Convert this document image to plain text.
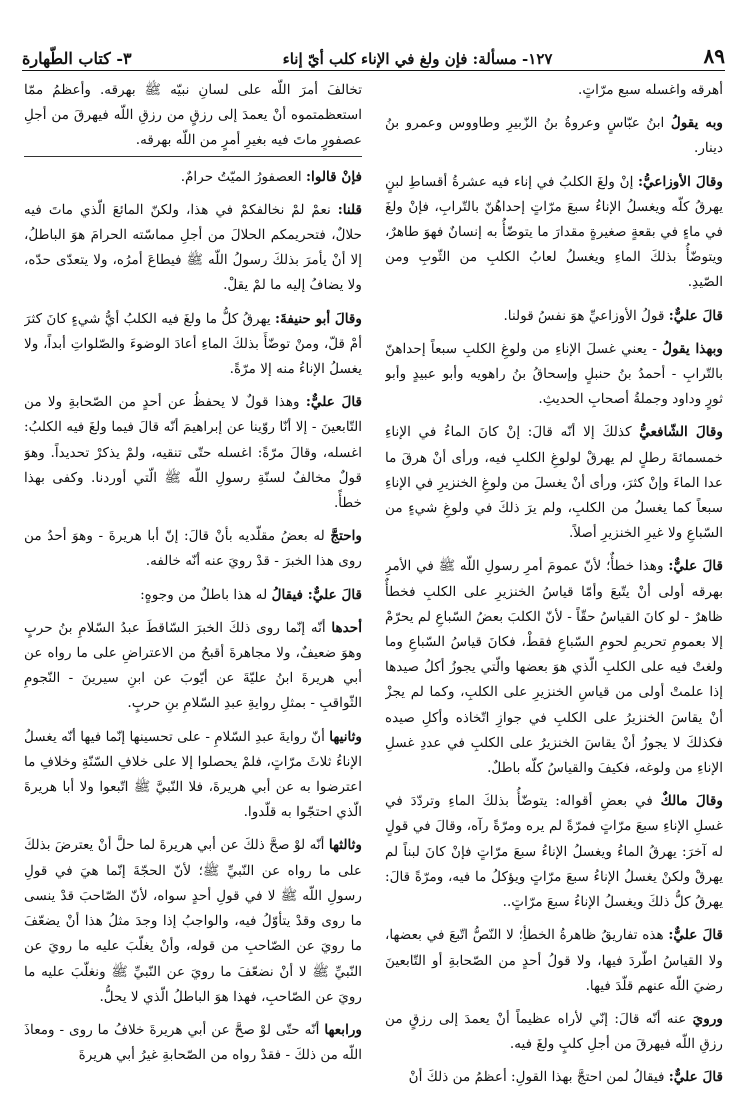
٨٩
١٢٧- مسألة: فإن ولغ في الإناء كلب أيّ إناء
٣- كتاب الطّهارة

أهرقه واغسله سبع مرّاتٍ.

وبه يقولُ ابنُ عبّاسٍ وعروةُ بنُ الزّبيرِ وطاووس وعمرو بنُ دينار.

وقالَ الأوزاعيُّ: إنْ ولغَ الكلبُ في إناء فيه عشرةُ أقساطِ لبنٍ يهرقُ كلّه ويغسلُ الإناءُ سبعَ مرّاتٍ إحداهُنّ بالتّرابِ، فإنْ ولغَ في ماءٍ في بقعةٍ صغيرةٍ مقدارَ ما يتوضّأُ به إنسانٌ فهوَ طاهرٌ، ويتوضّأُ بذلكَ الماءِ ويغسلُ لعابُ الكلبِ من الثّوبِ ومن الصّيدِ.

قالَ عليٌّ: قولُ الأوزاعيِّ هوَ نفسُ قولنا.

وبهذا يقولُ - يعني غسلَ الإناءِ من ولوغِ الكلبِ سبعاً إحداهنّ بالتّرابِ - أحمدُ بنُ حنبلٍ وإسحاقُ بنُ راهويه وأبو عبيدٍ وأبو ثورٍ وداود وجملةُ أصحابِ الحديثِ.

وقالَ الشّافعيُّ كذلكَ إلا أنّه قالَ: إنْ كانَ الماءُ في الإناءِ خمسمائةَ رطلٍ لم يهرقْ لولوغِ الكلبِ فيه، ورأى أنْ هرقَ ما عدا الماءَ وإنْ كثرَ، ورأى أنْ يغسلَ من ولوغِ الخنزيرِ في الإناءِ سبعاً كما يغسلُ من الكلبِ، ولم يرَ ذلكَ في ولوغِ شيءٍ من السّباعِ ولا غيرِ الخنزيرِ أصلاً.

قالَ عليٌّ: وهذا خطأٌ؛ لأنّ عمومَ أمرِ رسولِ اللّه ﷺ في الأمرِ بهرقه أولى أنْ يتّبعَ وأمّا قياسُ الخنزيرِ على الكلبِ فخطأٌ ظاهرٌ - لو كانَ القياسُ حقّاً - لأنّ الكلبَ بعضُ السّباعِ لم يحرّمْ إلا بعمومِ تحريمِ لحومِ السّباعِ فقطْ، فكانَ قياسُ السّباعِ وما ولغتْ فيه على الكلبِ الّذي هوَ بعضها والّتي يجوزُ أكلُ صيدها إذا علمتْ أولى من قياسِ الخنزيرِ على الكلبِ، وكما لم يجزْ أنْ يقاسَ الخنزيرُ على الكلبِ في جوازِ اتّخاذه وأكلِ صيده فكذلكَ لا يجوزُ أنْ يقاسَ الخنزيرُ على الكلبِ في عددِ غسلِ الإناءِ من ولوغه، فكيفَ والقياسُ كلّه باطلٌ.

وقالَ مالكٌ في بعضِ أقواله: يتوضّأُ بذلكَ الماءِ وتردّدَ في غسلِ الإناءِ سبعَ مرّاتٍ فمرّةً لم يره ومرّةً رآه، وقالَ في قولٍ له آخرَ: يهرقُ الماءُ ويغسلُ الإناءُ سبعَ مرّاتٍ فإنْ كانَ لبناً لم يهرقْ ولكنْ يغسلُ الإناءُ سبعَ مرّاتٍ ويؤكلُ ما فيه، ومرّةً قالَ: يهرقُ كلُّ ذلكَ ويغسلُ الإناءُ سبعَ مرّاتٍ..

قالَ عليٌّ: هذه تفاريقُ ظاهرةُ الخطأِ؛ لا النّصُّ اتّبعَ في بعضها، ولا القياسُ اطّردَ فيها، ولا قولُ أحدٍ من الصّحابةِ أو التّابعينَ رضيَ اللّه عنهم قلّدَ فيها.

ورويَ عنه أنّه قالَ: إنّي لأراه عظيماً أنْ يعمدَ إلى رزقٍ من رزقِ اللّه فيهرقَ من أجلِ كلبٍ ولغَ فيه.

قالَ عليٌّ: فيقالُ لمن احتجَّ بهذا القولِ: أعظمُ من ذلكَ أنْ

تخالفَ أمرَ اللّه على لسانِ نبيّه ﷺ بهرقه. وأعظمُ ممّا استعظمتموه أنْ يعمدَ إلى رزقٍ من رزقِ اللّه فيهرقَ من أجلِ عصفورٍ ماتَ فيه بغيرِ أمرٍ من اللّه بهرقه.

فإنْ قالوا: العصفورُ الميّتُ حرامٌ.

قلنا: نعمْ لمْ نخالفكمْ في هذا، ولكنّ المائعَ الّذي ماتَ فيه حلالٌ، فتحريمكم الحلالَ من أجلِ مماسّته الحرامَ هوَ الباطلُ، إلا أنْ يأمرَ بذلكَ رسولُ اللّه ﷺ فيطاعَ أمرُه، ولا يتعدّى حدّه، ولا يضافُ إليه ما لمْ يقلْ.

وقالَ أبو حنيفةَ: يهرقُ كلُّ ما ولغَ فيه الكلبُ أيُّ شيءٍ كانَ كثرَ أمْ قلّ، ومنْ توضّأَ بذلكَ الماءِ أعادَ الوضوءَ والصّلواتِ أبداً، ولا يغسلُ الإناءُ منه إلا مرّةً.

قالَ عليٌّ: وهذا قولٌ لا يحفظُ عن أحدٍ من الصّحابةِ ولا من التّابعينَ - إلا أنّا روّينا عن إبراهيمَ أنّه قالَ فيما ولغَ فيه الكلبُ: اغسله، وقالَ مرّةً: اغسله حتّى تنقيه، ولمْ يذكرْ تحديداً. وهوَ قولٌ مخالفٌ لسنّةِ رسولِ اللّه ﷺ الّتي أوردنا. وكفى بهذا خطأً.

واحتجَّ له بعضُ مقلّديه بأنْ قالَ: إنّ أبا هريرةَ - وهوَ أحدُ من روى هذا الخبرَ - قدْ رويَ عنه أنّه خالفه.

قالَ عليٌّ: فيقالُ له هذا باطلٌ من وجوهٍ:

أحدها أنّه إنّما روى ذلكَ الخبرَ السّاقطَ عبدُ السّلامِ بنُ حربٍ وهوَ ضعيفٌ، ولا مجاهرةَ أقبحُ من الاعتراضِ على ما رواه عن أبي هريرةَ ابنُ عليّةَ عن أيّوبَ عن ابنِ سيرينَ - النّجومِ الثّواقبِ - بمثلِ روايةِ عبدِ السّلامِ بنِ حربٍ.

وثانيها أنّ روايةَ عبدِ السّلامِ - على تحسينها إنّما فيها أنّه يغسلُ الإناءُ ثلاثَ مرّاتٍ، فلمْ يحصلوا إلا على خلافِ السّنّةِ وخلافِ ما اعترضوا به عن أبي هريرةَ، فلا النّبيَّ ﷺ اتّبعوا ولا أبا هريرةَ الّذي احتجّوا به قلّدوا.

وثالثها أنّه لوْ صحَّ ذلكَ عن أبي هريرةَ لما حلَّ أنْ يعترضَ بذلكَ على ما رواه عن النّبيِّ ﷺ؛ لأنّ الحجّةَ إنّما هيَ في قولِ رسولِ اللّه ﷺ لا في قولِ أحدٍ سواه، لأنّ الصّاحبَ قدْ ينسى ما روى وقدْ يتأوّلُ فيه، والواجبُ إذا وجدَ مثلُ هذا أنْ يضعّفَ ما رويَ عن الصّاحبِ من قوله، وأنْ يغلّبَ عليه ما رويَ عن النّبيِّ ﷺ لا أنْ نضعّفَ ما رويَ عن النّبيِّ ﷺ ونغلّبَ عليه ما رويَ عن الصّاحبِ، فهذا هوَ الباطلُ الّذي لا يحلُّ.

ورابعها أنّه حتّى لوْ صحَّ عن أبي هريرةَ خلافُ ما روى - ومعاذَ اللّه من ذلكَ - فقدْ رواه من الصّحابةِ غيرُ أبي هريرةَ
